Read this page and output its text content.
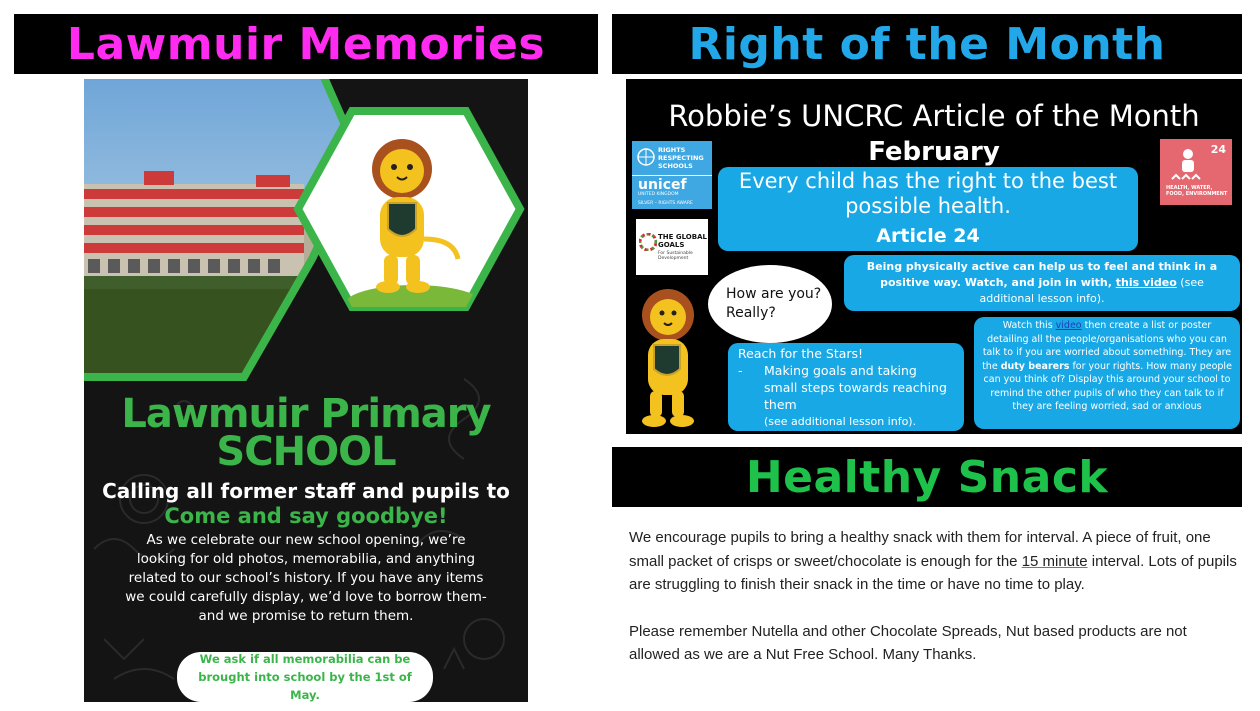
Lawmuir Memories	Right of the Month
Healthy Snack
Lawmuir Primary
SCHOOL
Calling all former staff and pupils to
Come and say goodbye!
As we celebrate our new school opening, we’re looking for old photos, memorabilia, and anything related to our school’s history. If you have any items we could carefully display, we’d love to borrow them- and we promise to return them.
We ask if all memorabilia can be brought into school by the 1st of May.
Robbie’s UNCRC Article of the Month
February
RIGHTS RESPECTING SCHOOLS
unicef
UNITED KINGDOM
SILVER – RIGHTS AWARE
THE GLOBAL GOALS
For Sustainable Development
24
HEALTH, WATER, FOOD, ENVIRONMENT
Every child has the right to the best possible health.
Article 24
Being physically active can help us to feel and think in a positive way. Watch, and join in with, this video (see additional lesson info).
How are you?
Really?
Reach for the Stars!
-	Making goals and taking small steps towards reaching them
(see additional lesson info).
Watch this video then create a list or poster detailing all the people/organisations who you can talk to if you are worried about something. They are the duty bearers for your rights. How many people can you think of? Display this around your school to remind the other pupils of who they can talk to if they are feeling worried, sad or anxious

We encourage pupils to bring a healthy snack with them for interval. A piece of fruit, one small packet of crisps or sweet/chocolate is enough for the 15 minute interval. Lots of pupils are struggling to finish their snack in the time or have no time to play.

Please remember Nutella and other Chocolate Spreads, Nut based products are not allowed as we are a Nut Free School. Many Thanks.
